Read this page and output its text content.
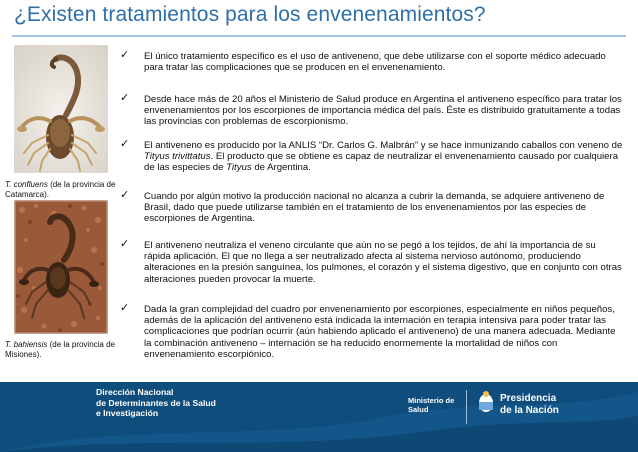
¿Existen tratamientos para los envenenamientos?
T. confluens (de la provincia de Catamarca).
T. bahiensis (de la provincia de Misiones).
✓ El único tratamiento específico es el uso de antiveneno, que debe utilizarse con el soporte médico adecuado para tratar las complicaciones que se producen en el envenenamiento.
✓ Desde hace más de 20 años el Ministerio de Salud produce en Argentina el antiveneno específico para tratar los envenenamientos por los escorpiones de importancia médica del país. Éste es distribuido gratuitamente a todas las provincias con problemas de escorpionismo.
✓ El antiveneno es producido por la ANLIS “Dr. Carlos G. Malbrán” y se hace inmunizando caballos con veneno de Tityus trivittatus. El producto que se obtiene es capaz de neutralizar el envenenamiento causado por cualquiera de las especies de Tityus de Argentina.
✓ Cuando por algún motivo la producción nacional no alcanza a cubrir la demanda, se adquiere antiveneno de Brasil, dado que puede utilizarse también en el tratamiento de los envenenamientos por las especies de escorpiones de Argentina.
✓ El antiveneno neutraliza el veneno circulante que aún no se pegó a los tejidos, de ahí la importancia de su rápida aplicación. El que no llega a ser neutralizado afecta al sistema nervioso autónomo, produciendo alteraciones en la presión sanguínea, los pulmones, el corazón y el sistema digestivo, que en conjunto con otras alteraciones pueden provocar la muerte.
✓ Dada la gran complejidad del cuadro por envenenamiento por escorpiones, especialmente en niños pequeños, además de la aplicación del antiveneno está indicada la internación en terapia intensiva para poder tratar las complicaciones que podrían ocurrir (aún habiendo aplicado el antiveneno) de una manera adecuada. Mediante la combinación antiveneno – internación se ha reducido enormemente la mortalidad de niños con envenenamiento escorpiónico.
Dirección Nacional
de Determinantes de la Salud
e Investigación
Ministerio de
Salud
Presidencia
de la Nación
